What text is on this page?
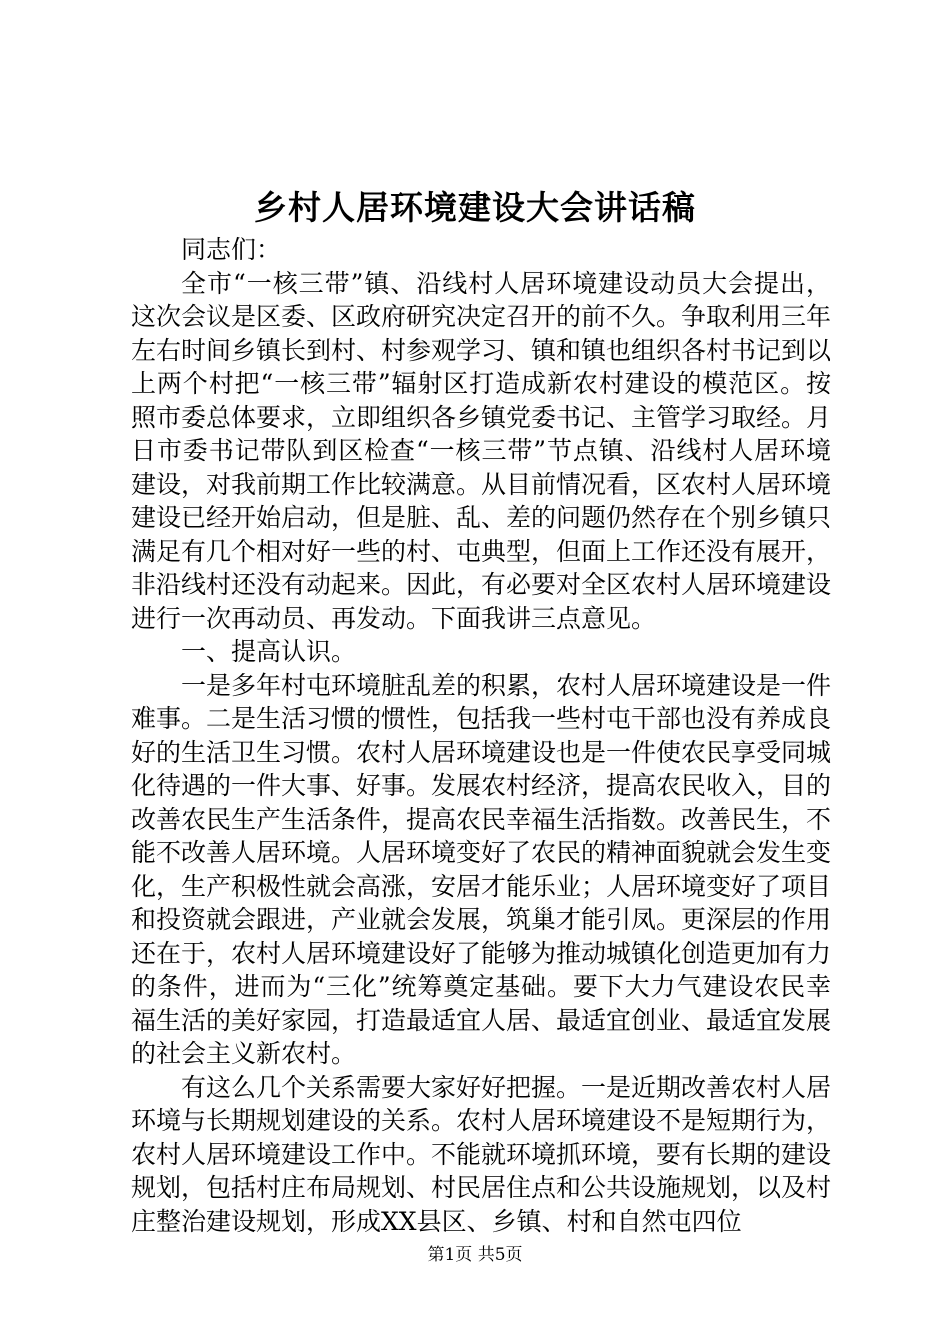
乡村人居环境建设大会讲话稿

同志们：

全市“一核三带”镇、沿线村人居环境建设动员大会提出，这次会议是区委、区政府研究决定召开的前不久。争取利用三年左右时间乡镇长到村、村参观学习、镇和镇也组织各村书记到以上两个村把“一核三带”辐射区打造成新农村建设的模范区。按照市委总体要求，立即组织各乡镇党委书记、主管学习取经。月日市委书记带队到区检查“一核三带”节点镇、沿线村人居环境建设，对我前期工作比较满意。从目前情况看，区农村人居环境建设已经开始启动，但是脏、乱、差的问题仍然存在个别乡镇只满足有几个相对好一些的村、屯典型，但面上工作还没有展开，非沿线村还没有动起来。因此，有必要对全区农村人居环境建设进行一次再动员、再发动。下面我讲三点意见。

一、提高认识。

一是多年村屯环境脏乱差的积累，农村人居环境建设是一件难事。二是生活习惯的惯性，包括我一些村屯干部也没有养成良好的生活卫生习惯。农村人居环境建设也是一件使农民享受同城化待遇的一件大事、好事。发展农村经济，提高农民收入，目的改善农民生产生活条件，提高农民幸福生活指数。改善民生，不能不改善人居环境。人居环境变好了农民的精神面貌就会发生变化，生产积极性就会高涨，安居才能乐业；人居环境变好了项目和投资就会跟进，产业就会发展，筑巢才能引凤。更深层的作用还在于，农村人居环境建设好了能够为推动城镇化创造更加有力的条件，进而为“三化”统筹奠定基础。要下大力气建设农民幸福生活的美好家园，打造最适宜人居、最适宜创业、最适宜发展的社会主义新农村。

有这么几个关系需要大家好好把握。一是近期改善农村人居环境与长期规划建设的关系。农村人居环境建设不是短期行为，农村人居环境建设工作中。不能就环境抓环境，要有长期的建设规划，包括村庄布局规划、村民居住点和公共设施规划，以及村庄整治建设规划，形成XX县区、乡镇、村和自然屯四位

第1页 共5页
